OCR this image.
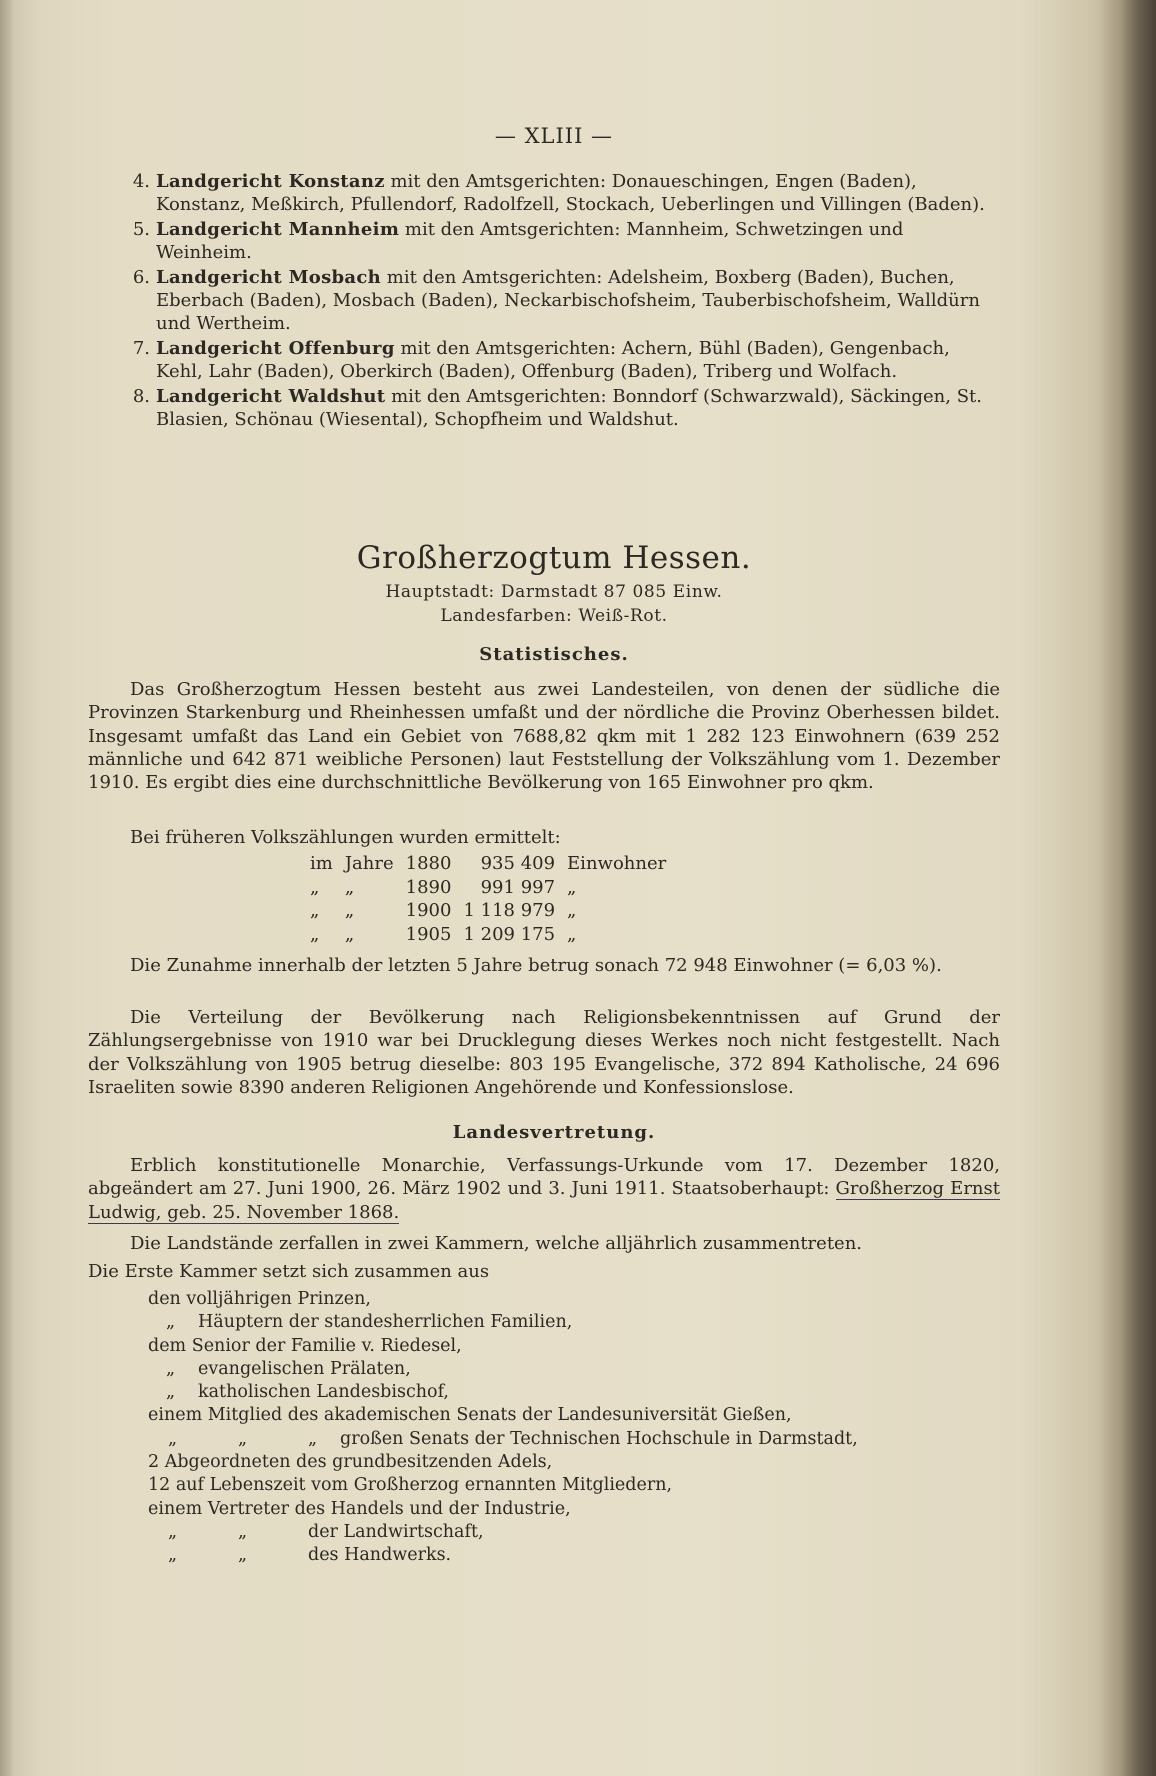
— XLIII —
4. Landgericht Konstanz mit den Amtsgerichten: Donaueschingen, Engen (Baden), Konstanz, Meßkirch, Pfullendorf, Radolfzell, Stockach, Ueberlingen und Villingen (Baden).
5. Landgericht Mannheim mit den Amtsgerichten: Mannheim, Schwetzingen und Weinheim.
6. Landgericht Mosbach mit den Amtsgerichten: Adelsheim, Boxberg (Baden), Buchen, Eberbach (Baden), Mosbach (Baden), Neckarbischofsheim, Tauberbischofsheim, Walldürn und Wertheim.
7. Landgericht Offenburg mit den Amtsgerichten: Achern, Bühl (Baden), Gengenbach, Kehl, Lahr (Baden), Oberkirch (Baden), Offenburg (Baden), Triberg und Wolfach.
8. Landgericht Waldshut mit den Amtsgerichten: Bonndorf (Schwarzwald), Säckingen, St. Blasien, Schönau (Wiesental), Schopfheim und Waldshut.
Großherzogtum Hessen.
Hauptstadt: Darmstadt 87 085 Einw.
Landesfarben: Weiß-Rot.
Statistisches.
Das Großherzogtum Hessen besteht aus zwei Landesteilen, von denen der südliche die Provinzen Starkenburg und Rheinhessen umfaßt und der nördliche die Provinz Oberhessen bildet. Insgesamt umfaßt das Land ein Gebiet von 7688,82 qkm mit 1 282 123 Einwohnern (639 252 männliche und 642 871 weibliche Personen) laut Feststellung der Volkszählung vom 1. Dezember 1910. Es ergibt dies eine durchschnittliche Bevölkerung von 165 Einwohner pro qkm.
Bei früheren Volkszählungen wurden ermittelt:
im	Jahre	1880	935 409	Einwohner
„	„	1890	991 997	„
„	„	1900	1 118 979	„
„	„	1905	1 209 175	„
Die Zunahme innerhalb der letzten 5 Jahre betrug sonach 72 948 Einwohner (= 6,03 %).
Die Verteilung der Bevölkerung nach Religionsbekenntnissen auf Grund der Zählungsergebnisse von 1910 war bei Drucklegung dieses Werkes noch nicht festgestellt. Nach der Volkszählung von 1905 betrug dieselbe: 803 195 Evangelische, 372 894 Katholische, 24 696 Israeliten sowie 8390 anderen Religionen Angehörende und Konfessionslose.
Landesvertretung.
Erblich konstitutionelle Monarchie, Verfassungs-Urkunde vom 17. Dezember 1820, abgeändert am 27. Juni 1900, 26. März 1902 und 3. Juni 1911. Staatsoberhaupt: Großherzog Ernst Ludwig, geb. 25. November 1868.
Die Landstände zerfallen in zwei Kammern, welche alljährlich zusammentreten.
Die Erste Kammer setzt sich zusammen aus
den volljährigen Prinzen,
„ Häuptern der standesherrlichen Familien,
dem Senior der Familie v. Riedesel,
„ evangelischen Prälaten,
„ katholischen Landesbischof,
einem Mitglied des akademischen Senats der Landesuniversität Gießen,
„	„	„ großen Senats der Technischen Hochschule in Darmstadt,
2 Abgeordneten des grundbesitzenden Adels,
12 auf Lebenszeit vom Großherzog ernannten Mitgliedern,
einem Vertreter des Handels und der Industrie,
„	„	der Landwirtschaft,
„	„	des Handwerks.
